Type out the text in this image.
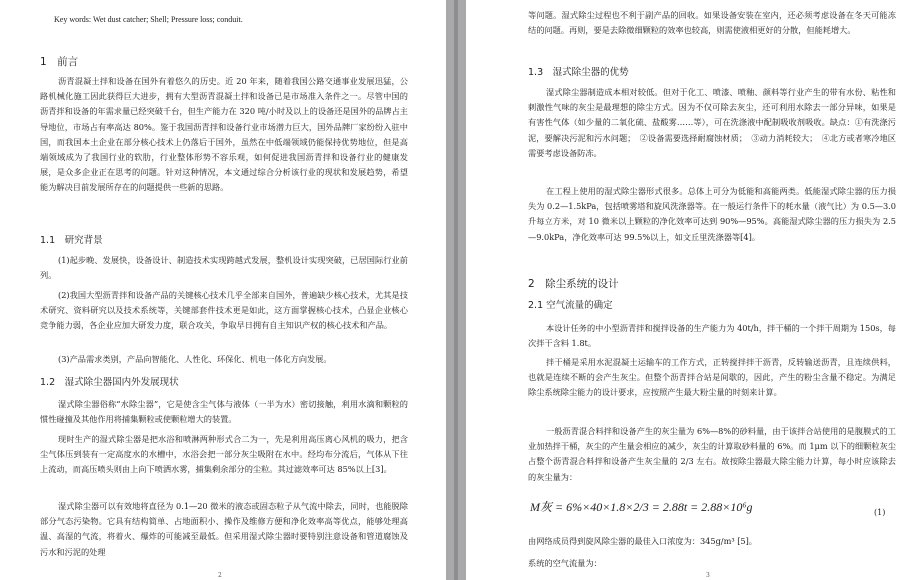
Key words: Wet dust catcher; Shell; Pressure loss; conduit.

1　前言

沥青混凝土拌和设备在国外有着悠久的历史。近 20 年来，随着我国公路交通事业发展迅猛，公路机械化施工因此获得巨大进步，拥有大型沥青混凝土拌和设备已是市场准入条件之一。尽管中国的沥青拌和设备的年需求量已经突破千台，但生产能力在 320 吨/小时及以上的设备还是国外的品牌占主导地位，市场占有率高达 80%。鉴于我国沥青拌和设备行业市场潜力巨大，国外品牌厂家纷纷入驻中国，而我国本土企业在部分核心技术上仍落后于国外，虽然在中低端领域仍能保持优势地位，但是高端领域成为了我国行业的软肋，行业整体形势不容乐观，如何促进我国沥青拌和设备行业的健康发展，是众多企业正在思考的问题。针对这种情况，本文通过综合分析该行业的现状和发展趋势，希望能为解决目前发展所存在的问题提供一些新的思路。

1.1　研究背景

(1)起步晚、发展快，设备设计、制造技术实现跨越式发展，整机设计实现突破，已居国际行业前列。

(2)我国大型沥青拌和设备产品的关键核心技术几乎全部来自国外，普遍缺少核心技术，尤其是技术研究、资料研究以及技术系统等，关键部套件技术更是如此，这方面掌握核心技术，凸显企业核心竞争能力弱，各企业应加大研发力度，联合攻关，争取早日拥有自主知识产权的核心技术和产品。

(3)产品需求类别，产品向智能化、人性化、环保化、机电一体化方向发展。

1.2　湿式除尘器国内外发展现状

湿式除尘器俗称“水除尘器”，它是使含尘气体与液体（一半为水）密切接触，利用水滴和颗粒的惯性碰撞及其他作用将捕集颗粒或使颗粒增大的装置。

现时生产的湿式除尘器是把水浴和喷淋两种形式合二为一，先是利用高压离心风机的吸力，把含尘气体压到装有一定高度水的水槽中，水浴会把一部分灰尘吸附在水中。经均布分流后，气体从下往上流动，而高压喷头则由上向下喷洒水雾，捕集剩余部分的尘粒。其过滤效率可达 85%以上[3]。

湿式除尘器可以有效地将直径为 0.1—20 微米的液态或固态粒子从气流中除去，同时，也能脱除部分气态污染物。它具有结构简单、占地面积小、操作及维修方便和净化效率高等优点，能够处理高温、高湿的气流，将着火、爆炸的可能减至最低。但采用湿式除尘器时要特别注意设备和管道腐蚀及污水和污泥的处理

2

等问题。湿式除尘过程也不利于副产品的回收。如果设备安装在室内，还必须考虑设备在冬天可能冻结的问题。再则，要是去除微细颗粒的效率也较高，则需使液相更好的分散，但能耗增大。

1.3　湿式除尘器的优势

湿式除尘器制造成本相对较低。但对于化工、喷漆、喷釉、颜料等行业产生的带有水份、粘性和刺激性气味的灰尘是最理想的除尘方式。因为不仅可除去灰尘，还可利用水除去一部分异味，如果是有害性气体（如少量的二氧化硫、盐酸雾……等），可在洗涤液中配制吸收剂吸收。缺点：①有洗涤污泥，要解决污泥和污水问题；　②设备需要选择耐腐蚀材质；　③动力消耗较大；　④北方或者寒冷地区需要考虑设备防冻。

在工程上使用的湿式除尘器形式很多。总体上可分为低能和高能两类。低能湿式除尘器的压力损失为 0.2—1.5kPa，包括喷雾塔和旋风洗涤器等。在一般运行条件下的耗水量（液气比）为 0.5—3.0 升每立方米，对 10 微米以上颗粒的净化效率可达到 90%—95%。高能湿式除尘器的压力损失为 2.5—9.0kPa，净化效率可达 99.5%以上，如文丘里洗涤器等[4]。

2　除尘系统的设计

2.1 空气流量的确定

本设计任务的中小型沥青拌和搅拌设备的生产能力为 40t/h，拌干桶的一个拌干周期为 150s，每次拌干含料 1.8t。

拌干桶是采用水泥混凝土运输车的工作方式，正转搅拌拌干沥青，反转输送沥青，且连续供料，也就是连续不断的会产生灰尘。但整个沥青拌合站是间歇的，因此，产生的粉尘含量不稳定。为满足除尘系统除尘能力的设计要求，应按照产生最大粉尘量的时刻来计算。

一般沥青混合料拌和设备产生的灰尘量为 6%—8%的砂料量，由于该拌合站使用的是腹膜式的工业加热拌干桶，灰尘的产生量会相应的减少，灰尘的计算取砂料量的 6%。而 1μm 以下的细颗粒灰尘占整个沥青混合料拌和设备产生灰尘量的 2/3 左右。故按除尘器最大除尘能力计算，每小时应该除去的灰尘量为：

由网络成员得到旋风除尘器的最佳入口浓度为：345g/m³ [5]。

系统的空气流量为：

3
M灰 = 6%×40×1.8×2/3 = 2.88t = 2.88×10⁶g	(1)
